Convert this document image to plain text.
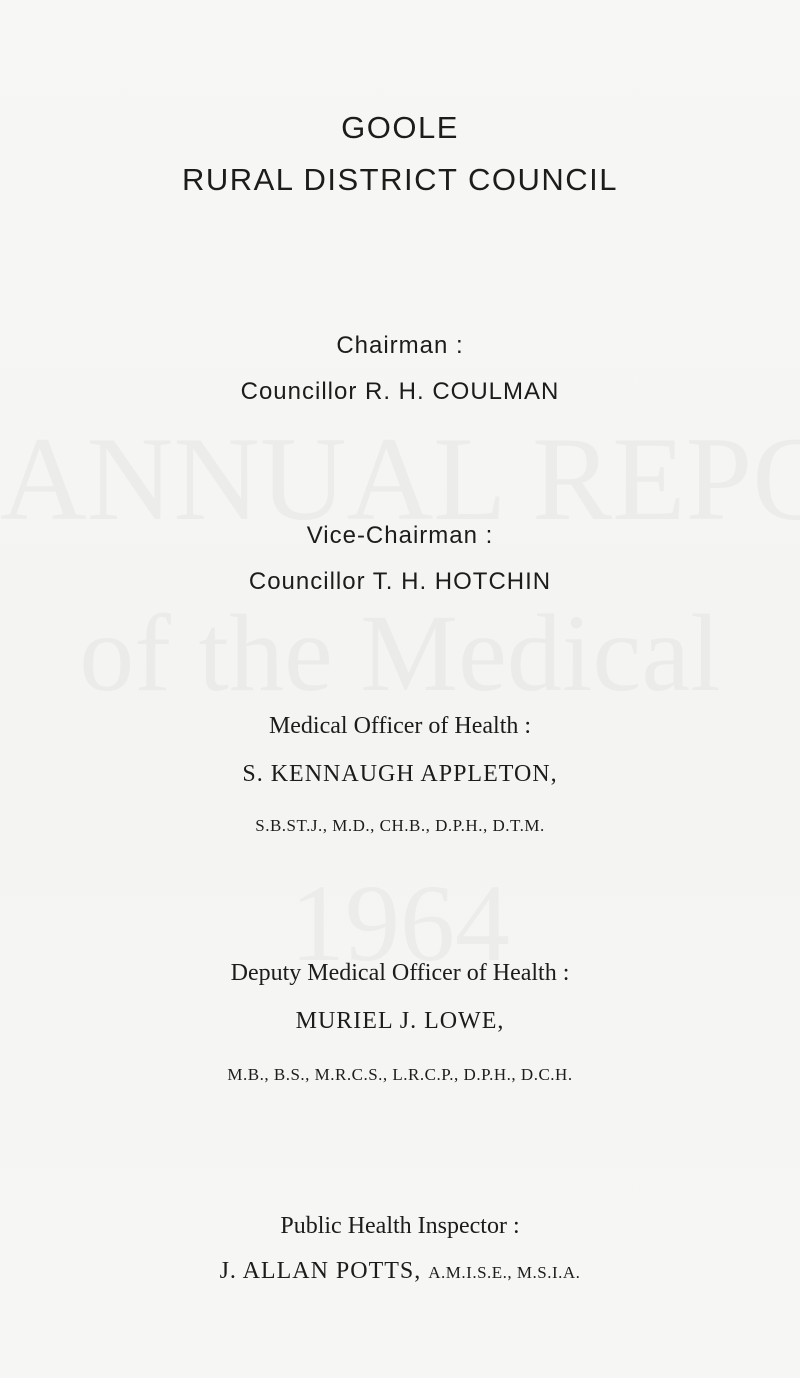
GOOLE
RURAL DISTRICT COUNCIL
Chairman :
Councillor R. H. COULMAN
Vice-Chairman :
Councillor T. H. HOTCHIN
Medical Officer of Health :
S. KENNAUGH APPLETON,
S.B.ST.J., M.D., CH.B., D.P.H., D.T.M.
Deputy Medical Officer of Health :
MURIEL J. LOWE,
M.B., B.S., M.R.C.S., L.R.C.P., D.P.H., D.C.H.
Public Health Inspector :
J. ALLAN POTTS, A.M.I.S.E., M.S.I.A.
